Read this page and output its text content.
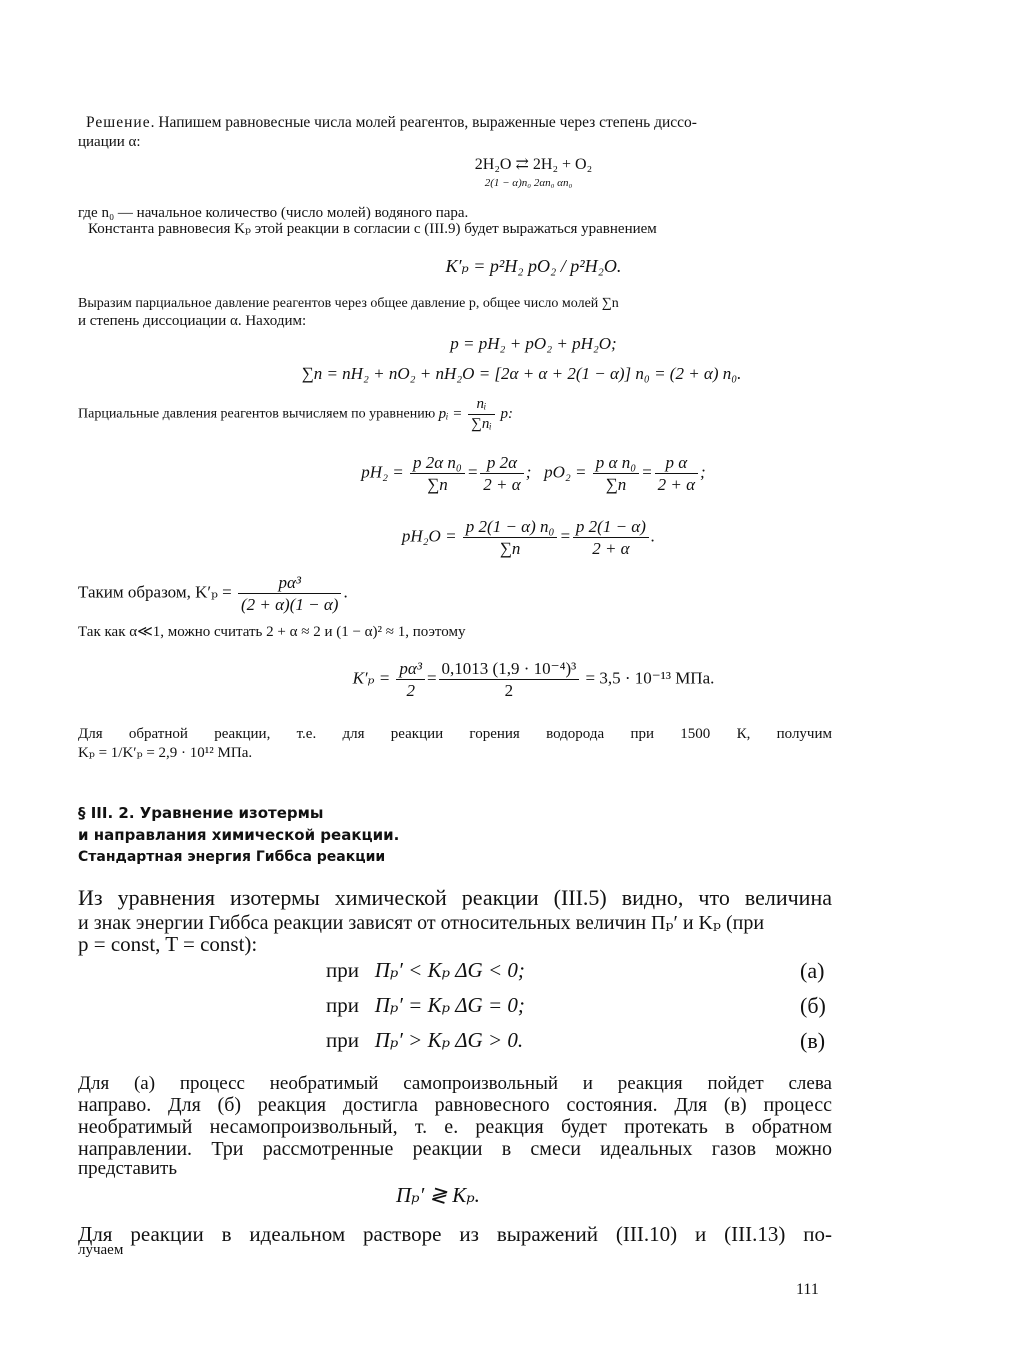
Решение. Напишем равновесные числа молей реагентов, выраженные через степень диссо-
циации α:
2H₂O ⇄ 2H₂ + O₂
2(1 − α)n₀ 2αn₀ αn₀
где n₀ — начальное количество (число молей) водяного пара.
Константа равновесия Kₚ этой реакции в согласии с (III.9) будет выражаться уравнением
K′ₚ = p²H₂ pO₂ / p²H₂O.
Выразим парциальное давление реагентов через общее давление p, общее число молей ∑n
и степень диссоциации α. Находим:
p = pH₂ + pO₂ + pH₂O;
∑n = nH₂ + nO₂ + nH₂O = [2α + α + 2(1 − α)] n₀ = (2 + α) n₀.
Парциальные давления реагентов вычисляем по уравнению pᵢ = $\frac{\text{nᵢ}}{\text{∑nᵢ}} p$:
$pH_2 = \frac{\text{p 2α n₀}}{\sum n} = \frac{p 2\alpha}{2 + \alpha}$ ; $pO_2 = \frac{\text{p α n₀}}{\sum n} = \frac{\text{p α}}{2 + \alpha}$ ;
$pH_2O = \frac{\text{p 2(1 − α) n₀}}{\sum n} = \frac{p 2(1 - \alpha)}{2 + \alpha}$ .
Таким образом, $K'_p = \frac{\text{pα³}}{(2 + \alpha)(1 - \alpha)}$ .
Так как α≪1, можно считать 2 + α ≈ 2 и (1 − α)² ≈ 1, поэтому
$K'_p = \frac{\text{pα³}}{2} = \frac{\text{0,1013 (1,9 · 10⁻⁴)³}}{2} = 3,5 \cdot 10^{-13}$ МПа.
Для обратной реакции, т.е. для реакции горения водорода при 1500 К, получим
Kₚ = 1/K′ₚ = 2,9 · 10¹² МПа.
§ III. 2. Уравнение изотермы
и направлания химической реакции.
Стандартная энергия Гиббса реакции
Из уравнения изотермы химической реакции (III.5) видно, что величина
и знак энергии Гиббса реакции зависят от относительных величин Πₚ′ и Kₚ (при
p = const, T = const):
при Πₚ′ < Kₚ ΔG < 0;	(а)
при Πₚ′ = Kₚ ΔG = 0;	(б)
при Πₚ′ > Kₚ ΔG > 0.	(в)
Для (а) процесс необратимый самопроизвольный и реакция пойдет слева
направо. Для (б) реакция достигла равновесного состояния. Для (в) процесс
необратимый несамопроизвольный, т. е. реакция будет протекать в обратном
направлении. Три рассмотренные реакции в смеси идеальных газов можно
представить
Πₚ′ ≷ Kₚ.
Для реакции в идеальном растворе из выражений (III.10) и (III.13) по-
лучаем
111
